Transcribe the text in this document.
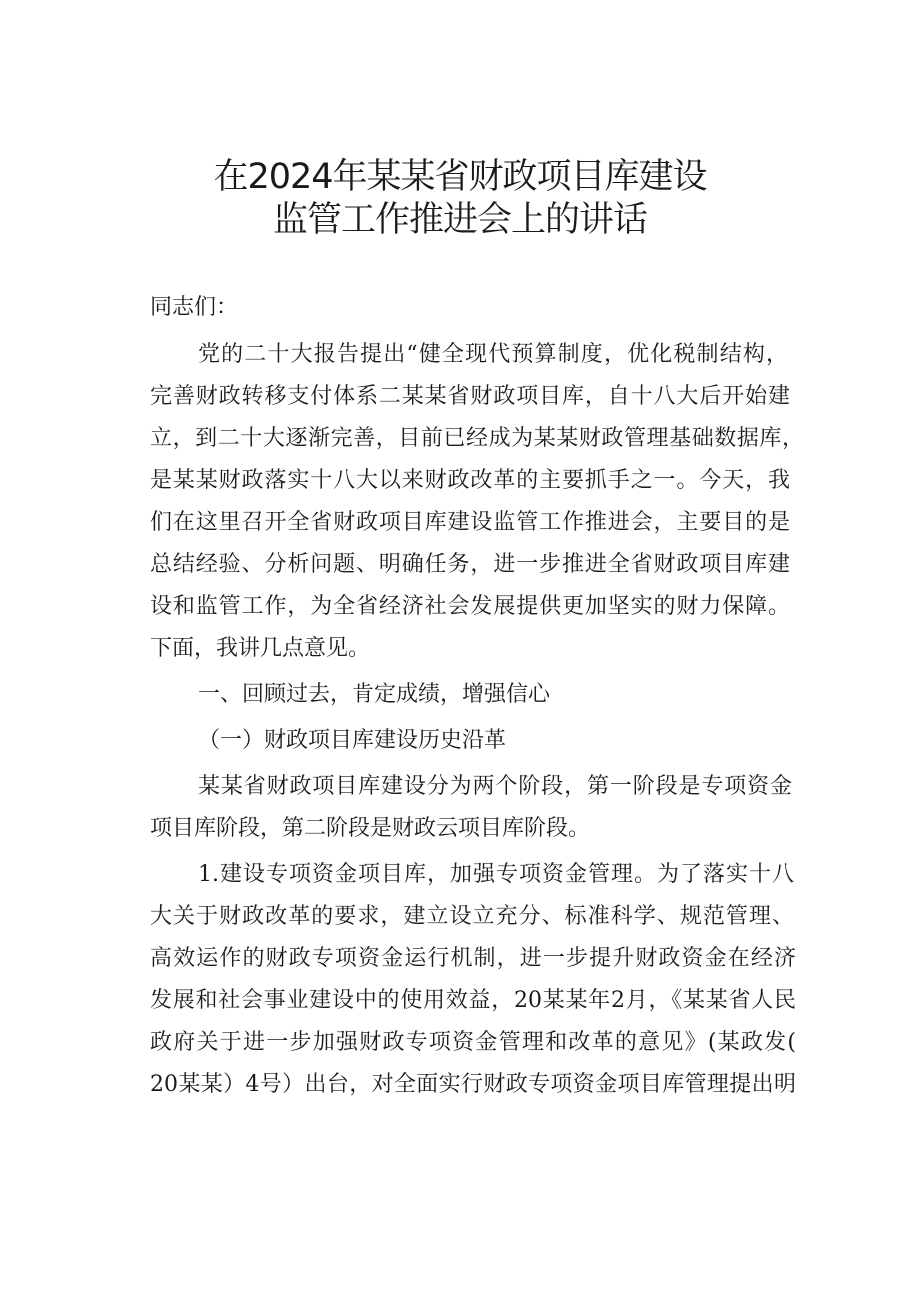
在2024年某某省财政项目库建设
监管工作推进会上的讲话
同志们：
党的二十大报告提出“健全现代预算制度，优化税制结构，
完善财政转移支付体系二某某省财政项目库，自十八大后开始建
立，到二十大逐渐完善，目前已经成为某某财政管理基础数据库，
是某某财政落实十八大以来财政改革的主要抓手之一。今天，我
们在这里召开全省财政项目库建设监管工作推进会，主要目的是
总结经验、分析问题、明确任务，进一步推进全省财政项目库建
设和监管工作，为全省经济社会发展提供更加坚实的财力保障。
下面，我讲几点意见。
一、回顾过去，肯定成绩，增强信心
（一）财政项目库建设历史沿革
某某省财政项目库建设分为两个阶段，第一阶段是专项资金
项目库阶段，第二阶段是财政云项目库阶段。
1.建设专项资金项目库，加强专项资金管理。为了落实十八
大关于财政改革的要求，建立设立充分、标准科学、规范管理、
高效运作的财政专项资金运行机制，进一步提升财政资金在经济
发展和社会事业建设中的使用效益，20某某年2月，《某某省人民
政府关于进一步加强财政专项资金管理和改革的意见》(某政发(
20某某）4号）出台，对全面实行财政专项资金项目库管理提出明
